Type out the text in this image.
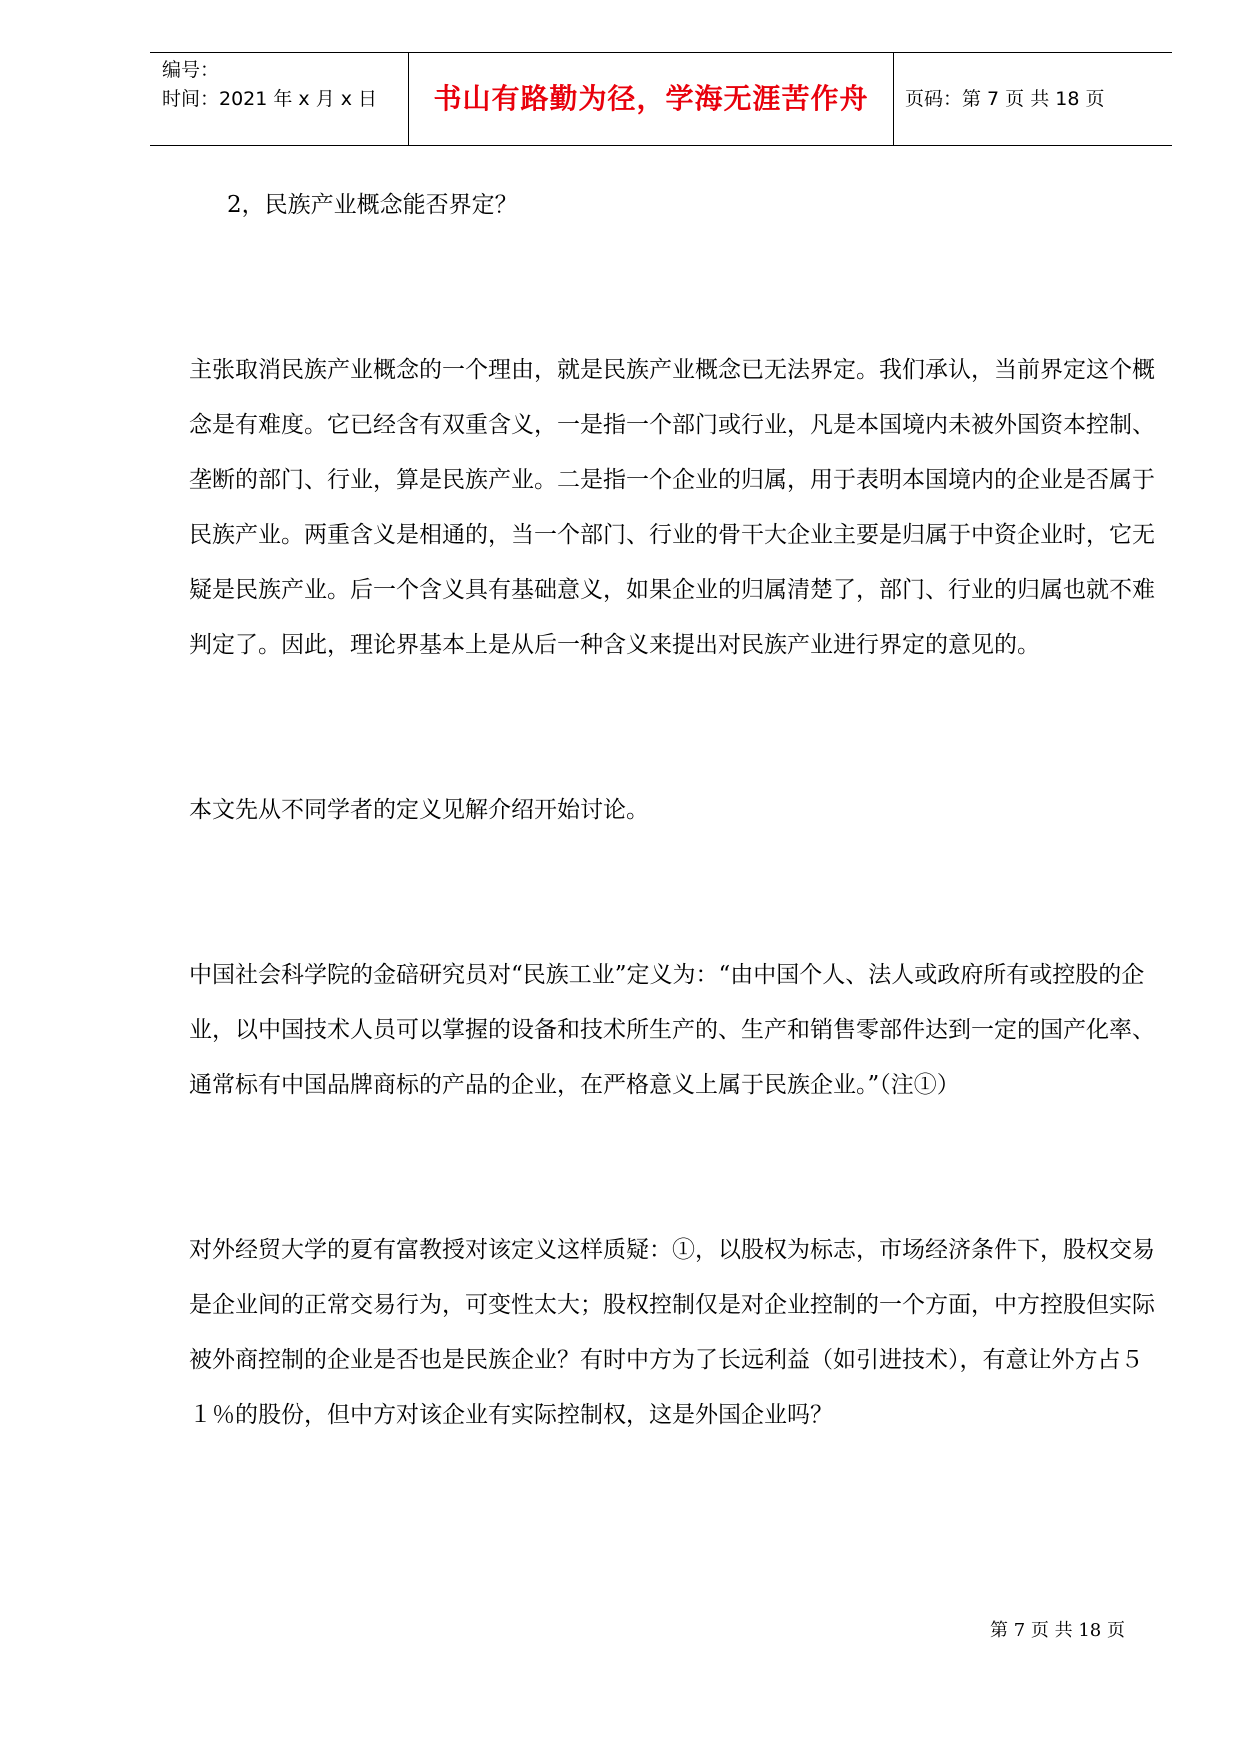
编号：
时间：2021 年 x 月 x 日	书山有路勤为径，学海无涯苦作舟	页码：第 7 页 共 18 页

2，民族产业概念能否界定？

主张取消民族产业概念的一个理由，就是民族产业概念已无法界定。我们承认，当前界定这个概念是有难度。它已经含有双重含义，一是指一个部门或行业，凡是本国境内未被外国资本控制、垄断的部门、行业，算是民族产业。二是指一个企业的归属，用于表明本国境内的企业是否属于民族产业。两重含义是相通的，当一个部门、行业的骨干大企业主要是归属于中资企业时，它无疑是民族产业。后一个含义具有基础意义，如果企业的归属清楚了，部门、行业的归属也就不难判定了。因此，理论界基本上是从后一种含义来提出对民族产业进行界定的意见的。

本文先从不同学者的定义见解介绍开始讨论。

中国社会科学院的金碚研究员对“民族工业”定义为：“由中国个人、法人或政府所有或控股的企业，以中国技术人员可以掌握的设备和技术所生产的、生产和销售零部件达到一定的国产化率、通常标有中国品牌商标的产品的企业，在严格意义上属于民族企业。”（注①）

对外经贸大学的夏有富教授对该定义这样质疑：①，以股权为标志，市场经济条件下，股权交易是企业间的正常交易行为，可变性太大；股权控制仅是对企业控制的一个方面，中方控股但实际被外商控制的企业是否也是民族企业？有时中方为了长远利益（如引进技术），有意让外方占５１％的股份，但中方对该企业有实际控制权，这是外国企业吗？

第 7 页 共 18 页
